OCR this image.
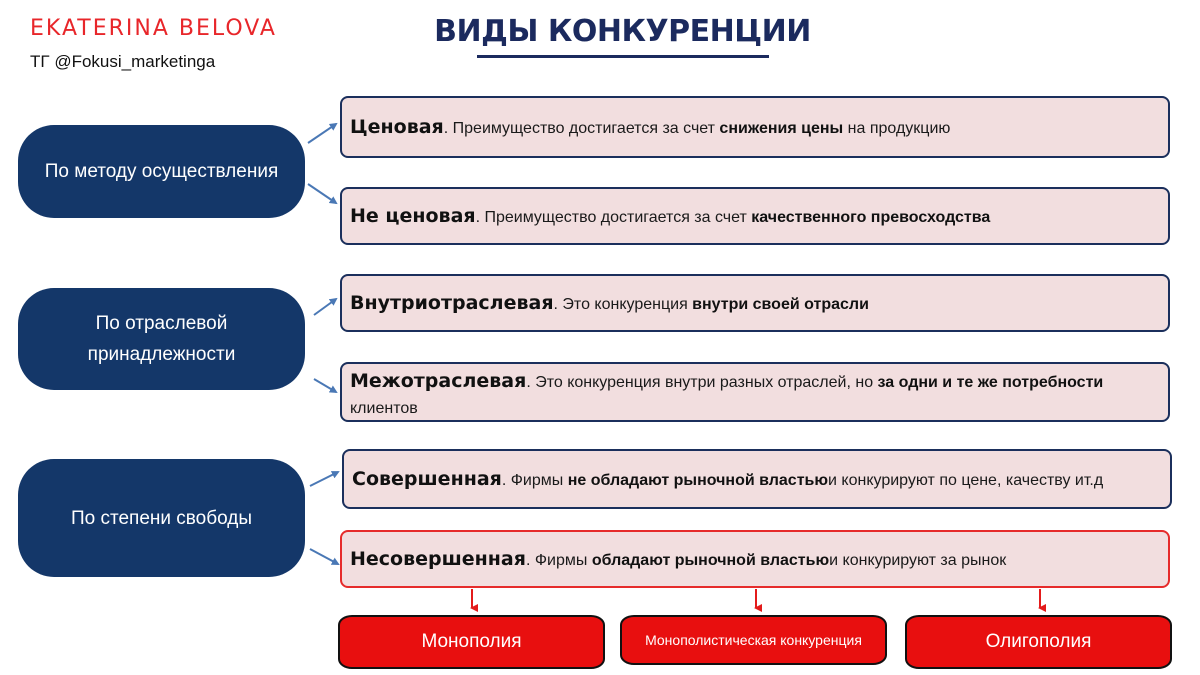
EKATERINA BELOVA
ТГ @Fokusi_marketinga
ВИДЫ КОНКУРЕНЦИИ
По методу осуществления
По отраслевой
принадлежности
По степени свободы
Ценовая. Преимущество достигается за счет снижения цены на продукцию
Не ценовая. Преимущество достигается за счет качественного превосходства
Внутриотраслевая. Это конкуренция внутри своей отрасли
Межотраслевая. Это конкуренция внутри разных отраслей, но за одни и те же потребности клиентов
Совершенная. Фирмы не обладают рыночной властьюи конкурируют по цене, качеству ит.д
Несовершенная. Фирмы обладают рыночной властьюи конкурируют за рынок
Монополия	Монополистическая конкуренция	Олигополия
